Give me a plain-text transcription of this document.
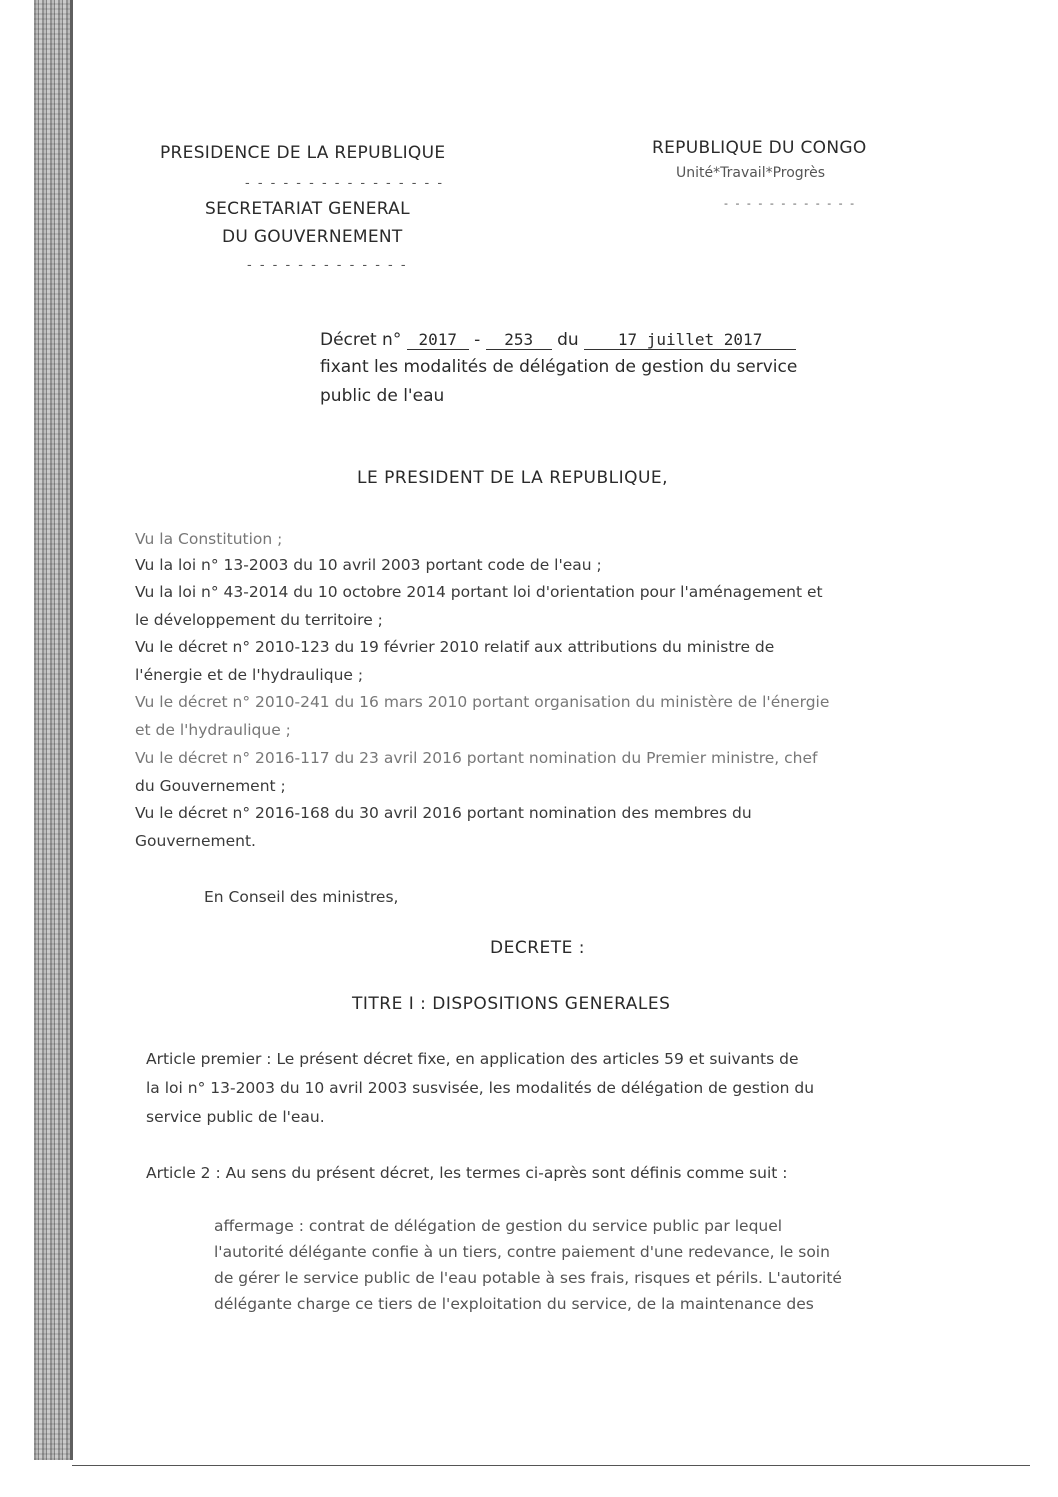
PRESIDENCE DE LA REPUBLIQUE
- - - - - - - - - - - - - - - -
SECRETARIAT GENERAL
DU GOUVERNEMENT
- - - - - - - - - - - - -
REPUBLIQUE DU CONGO
Unité*Travail*Progrès
- - - - - - - - - - - -
Décret n° 2017 - 253 du 17 juillet 2017
fixant les modalités de délégation de gestion du service
public de l'eau
LE PRESIDENT DE LA REPUBLIQUE,
Vu la Constitution ;
Vu la loi n° 13-2003 du 10 avril 2003 portant code de l'eau ;
Vu la loi n° 43-2014 du 10 octobre 2014 portant loi d'orientation pour l'aménagement et
le développement du territoire ;
Vu le décret n° 2010-123 du 19 février 2010 relatif aux attributions du ministre de
l'énergie et de l'hydraulique ;
Vu le décret n° 2010-241 du 16 mars 2010 portant organisation du ministère de l'énergie
et de l'hydraulique ;
Vu le décret n° 2016-117 du 23 avril 2016 portant nomination du Premier ministre, chef
du Gouvernement ;
Vu le décret n° 2016-168 du 30 avril 2016 portant nomination des membres du
Gouvernement.
En Conseil des ministres,
DECRETE :
TITRE I : DISPOSITIONS GENERALES
Article premier : Le présent décret fixe, en application des articles 59 et suivants de
la loi n° 13-2003 du 10 avril 2003 susvisée, les modalités de délégation de gestion du
service public de l'eau.
Article 2 : Au sens du présent décret, les termes ci-après sont définis comme suit :
affermage : contrat de délégation de gestion du service public par lequel
l'autorité délégante confie à un tiers, contre paiement d'une redevance, le soin
de gérer le service public de l'eau potable à ses frais, risques et périls. L'autorité
délégante charge ce tiers de l'exploitation du service, de la maintenance des
